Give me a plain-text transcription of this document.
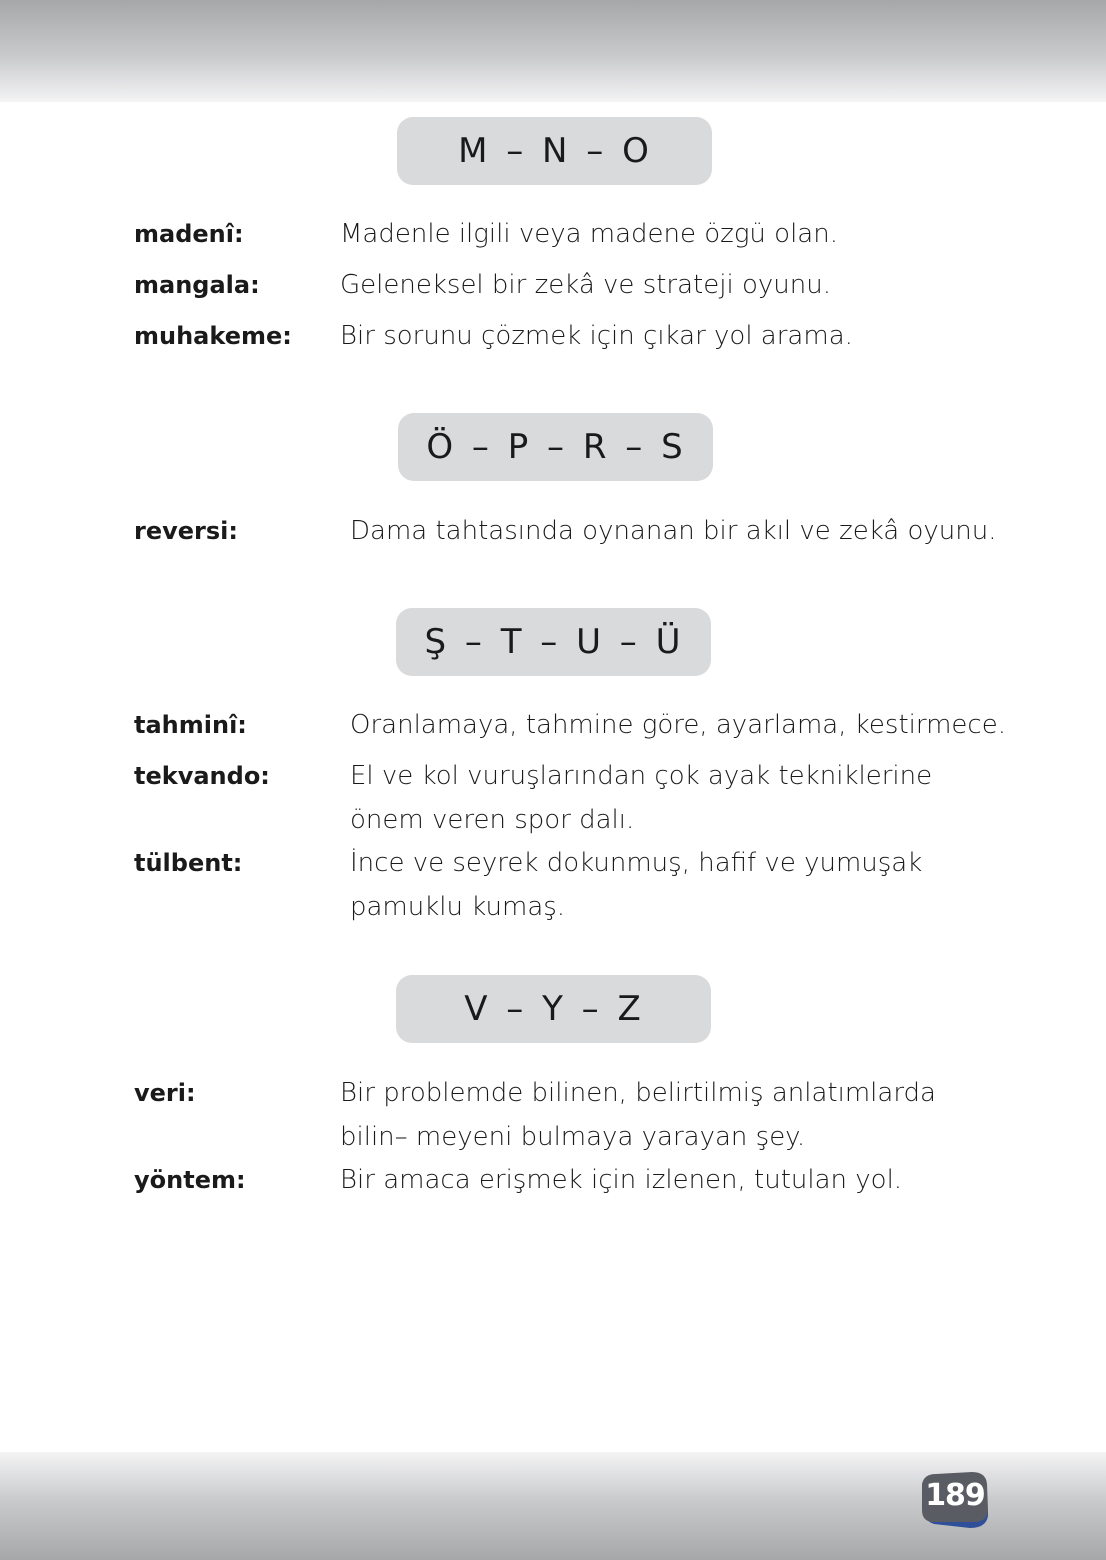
M – N – O
madenî:	Madenle ilgili veya madene özgü olan.
mangala:	Geleneksel bir zekâ ve strateji oyunu.
muhakeme: Bir sorunu çözmek için çıkar yol arama.
Ö – P – R – S
reversi:	Dama tahtasında oynanan bir akıl ve zekâ oyunu.
Ş – T – U – Ü
tahminî:	Oranlamaya, tahmine göre, ayarlama, kestirmece.
tekvando:	El ve kol vuruşlarından çok ayak tekniklerine önem veren spor dalı.
tülbent:	İnce ve seyrek dokunmuş, hafif ve yumuşak pamuklu kumaş.
V – Y – Z
veri:	Bir problemde bilinen, belirtilmiş anlatımlarda bilin– meyeni bulmaya yarayan şey.
yöntem:	Bir amaca erişmek için izlenen, tutulan yol.
189
